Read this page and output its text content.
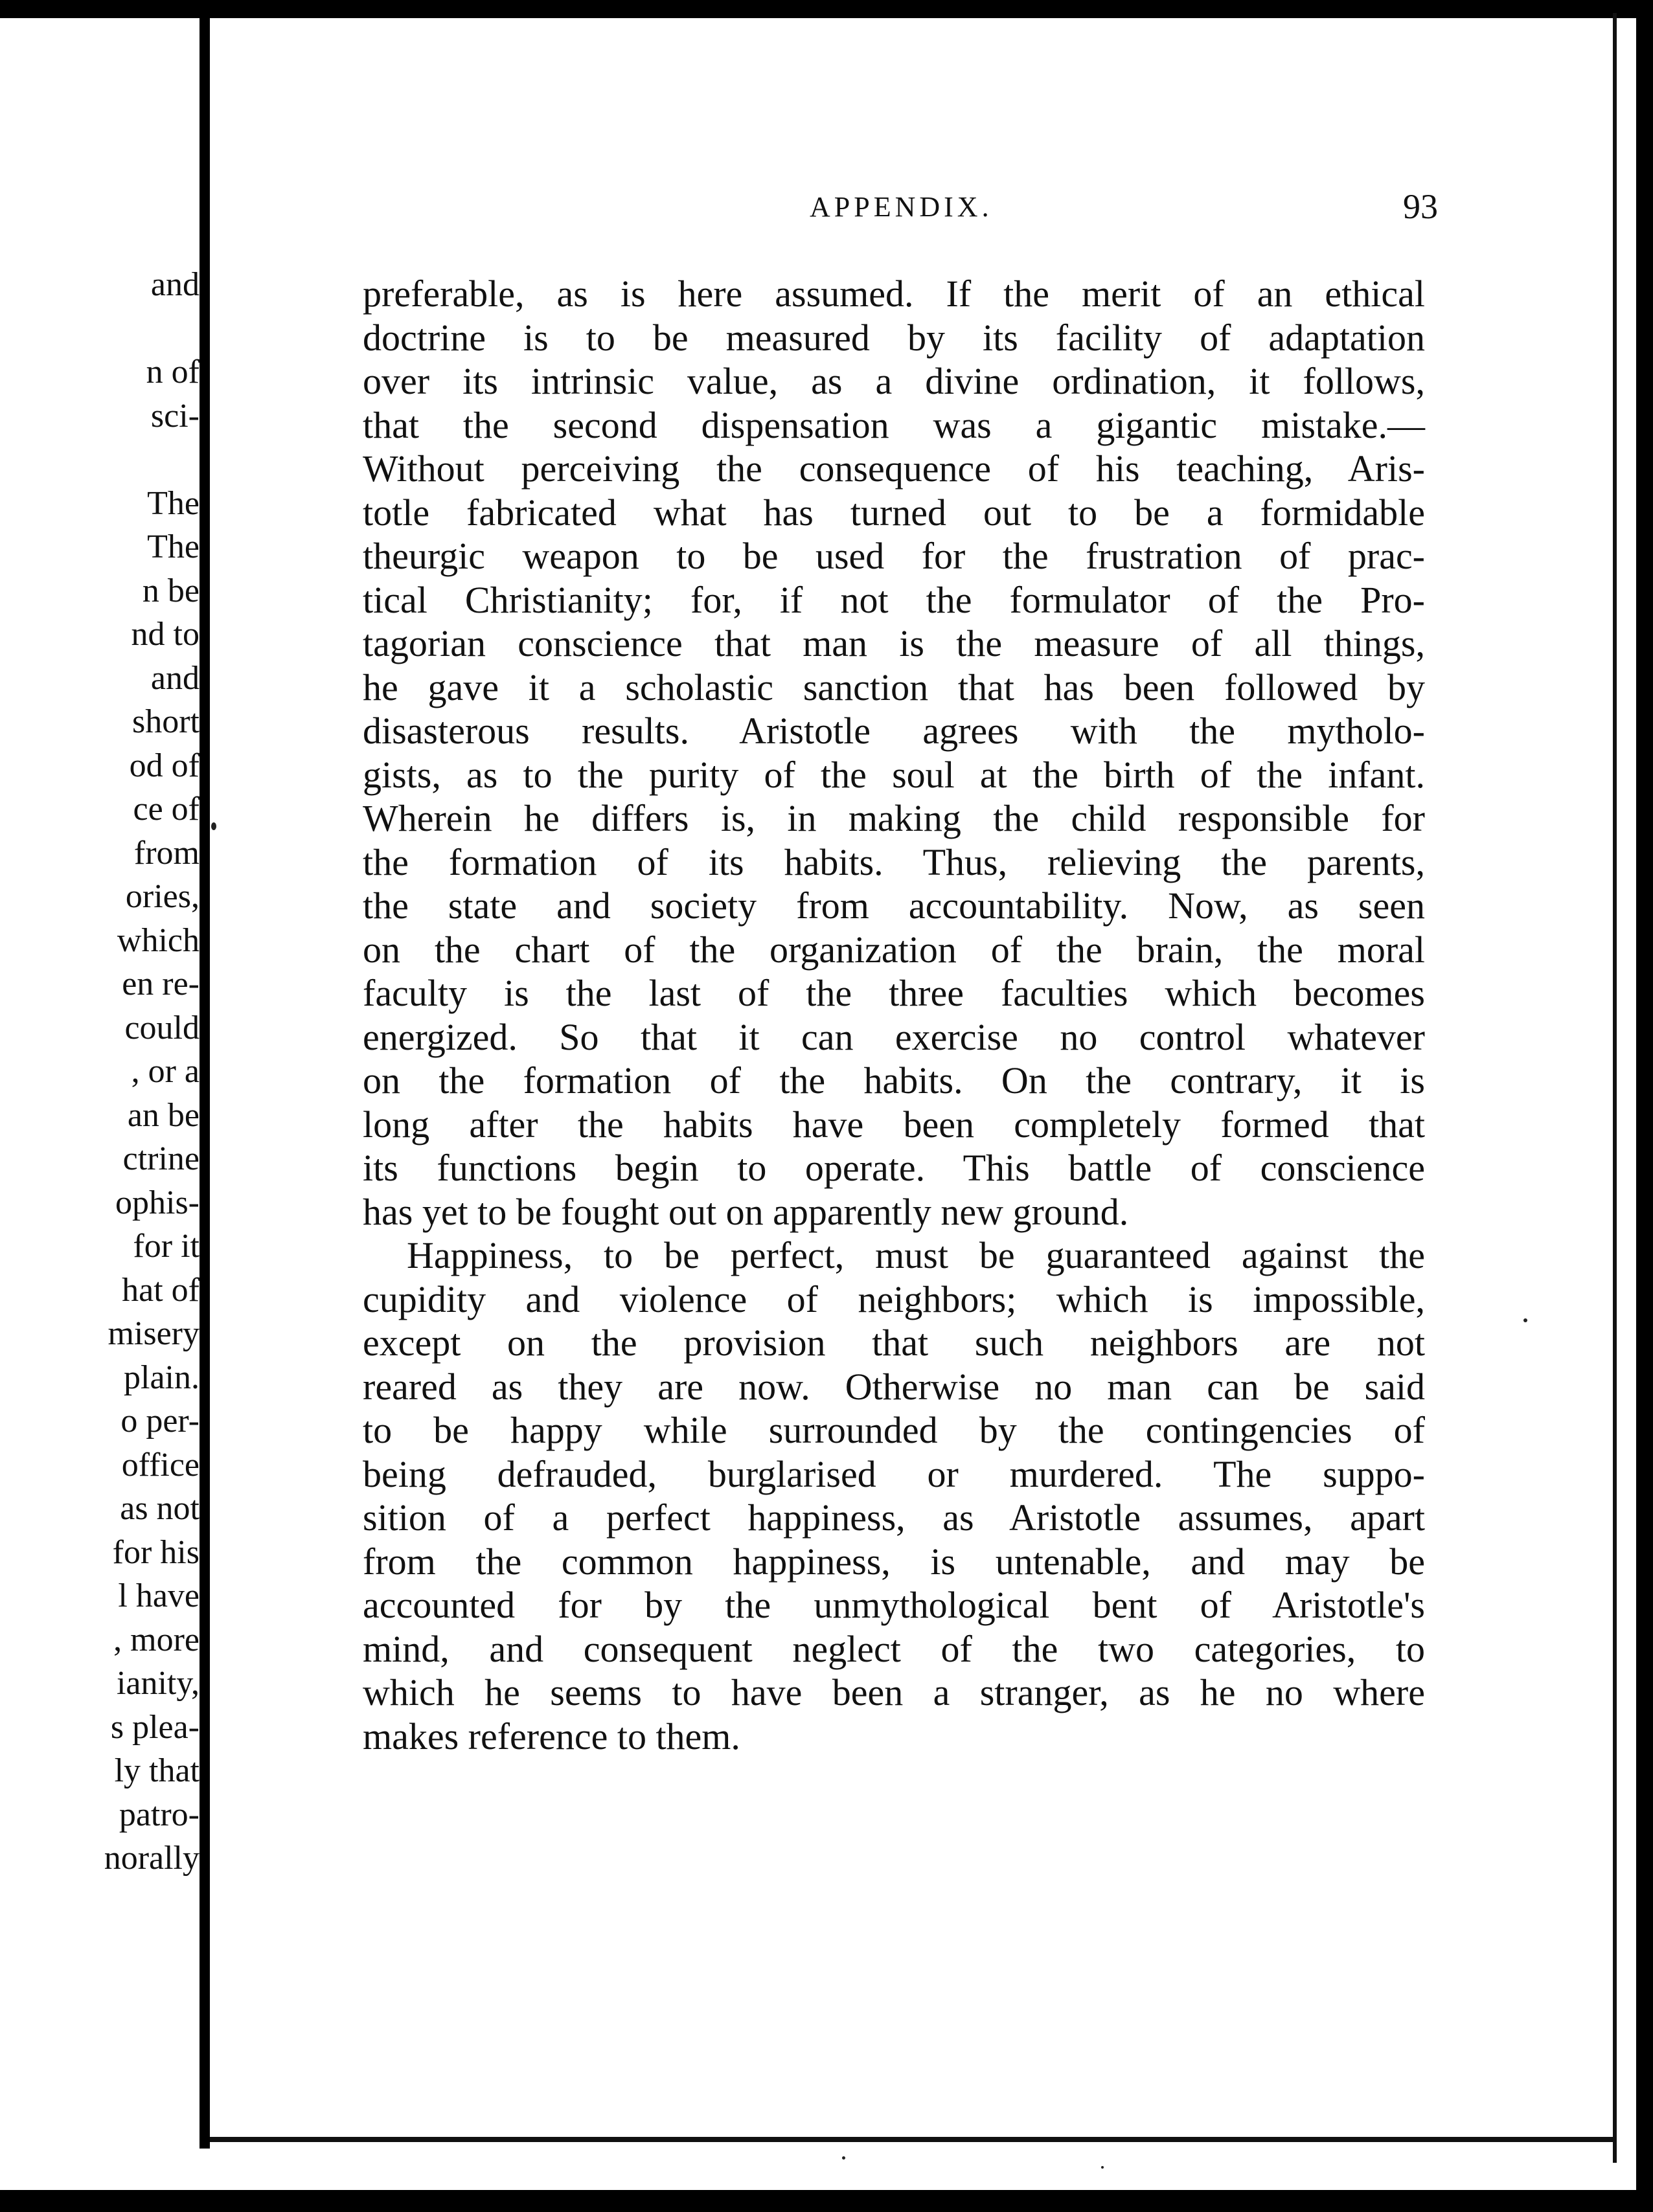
and
n of
sci-
The
The
n be
nd to
and
short
od of
ce of
from
ories,
which
en re-
could
, or a
an be
ctrine
ophis-
for it
hat of
misery
plain.
o per-
office
as not
for his
l have
, more
ianity,
s plea-
ly that
patro-
norally
APPENDIX.	93
preferable, as is here assumed. If the merit of an ethical
doctrine is to be measured by its facility of adaptation
over its intrinsic value, as a divine ordination, it follows,
that the second dispensation was a gigantic mistake.—
Without perceiving the consequence of his teaching, Aris-
totle fabricated what has turned out to be a formidable
theurgic weapon to be used for the frustration of prac-
tical Christianity; for, if not the formulator of the Pro-
tagorian conscience that man is the measure of all things,
he gave it a scholastic sanction that has been followed by
disasterous results. Aristotle agrees with the mytholo-
gists, as to the purity of the soul at the birth of the infant.
Wherein he differs is, in making the child responsible for
the formation of its habits. Thus, relieving the parents,
the state and society from accountability. Now, as seen
on the chart of the organization of the brain, the moral
faculty is the last of the three faculties which becomes
energized. So that it can exercise no control whatever
on the formation of the habits. On the contrary, it is
long after the habits have been completely formed that
its functions begin to operate. This battle of conscience
has yet to be fought out on apparently new ground.
Happiness, to be perfect, must be guaranteed against the
cupidity and violence of neighbors; which is impossible,
except on the provision that such neighbors are not
reared as they are now. Otherwise no man can be said
to be happy while surrounded by the contingencies of
being defrauded, burglarised or murdered. The suppo-
sition of a perfect happiness, as Aristotle assumes, apart
from the common happiness, is untenable, and may be
accounted for by the unmythological bent of Aristotle's
mind, and consequent neglect of the two categories, to
which he seems to have been a stranger, as he no where
makes reference to them.
